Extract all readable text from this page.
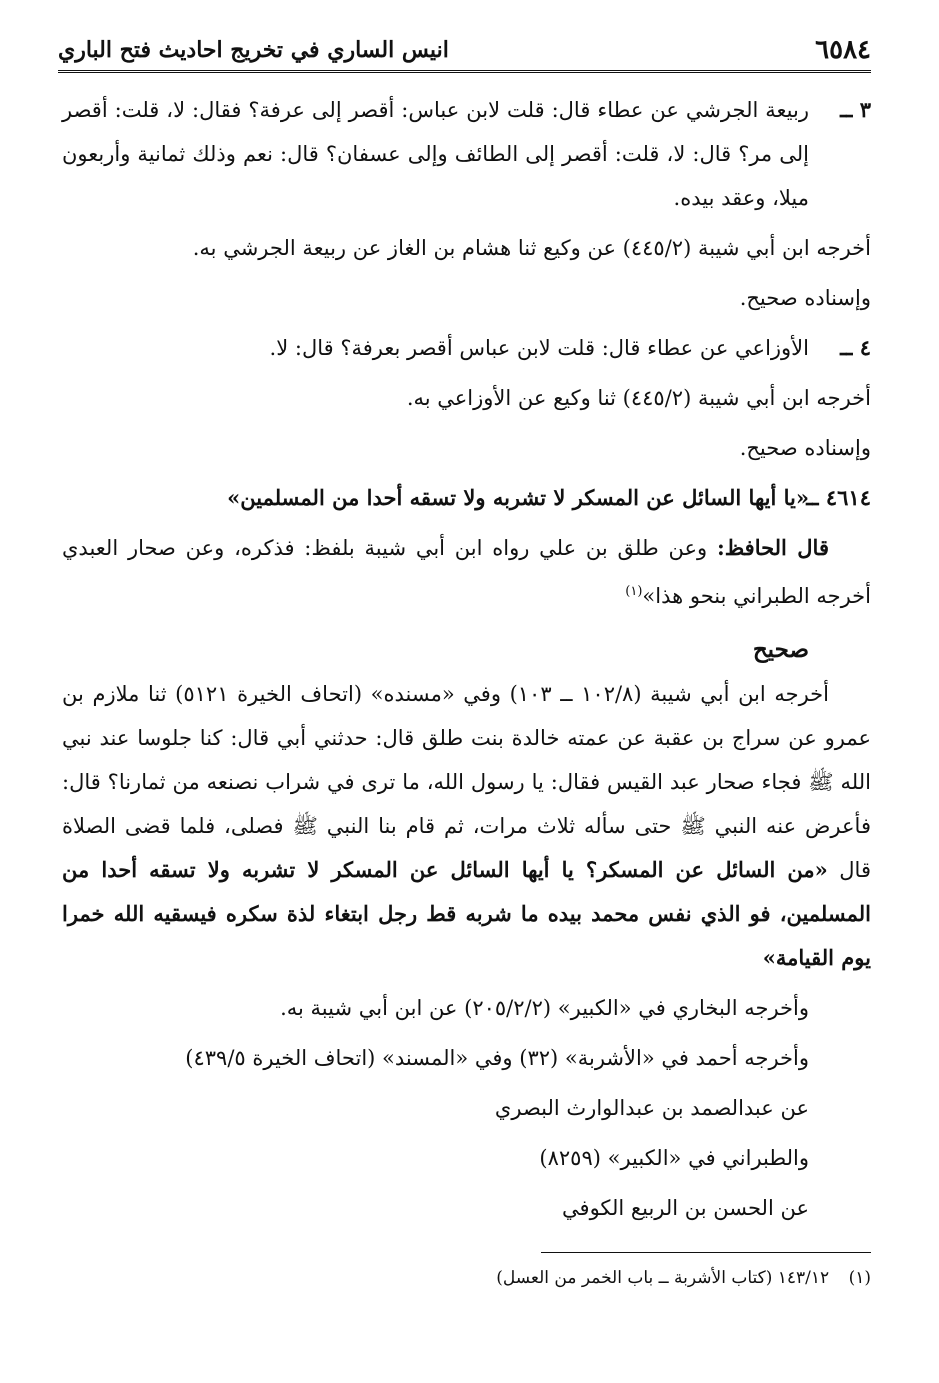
٦٥٨٤
انيس الساري في تخريج احاديث فتح الباري
٣ ــ
ربيعة الجرشي عن عطاء قال: قلت لابن عباس: أقصر إلى عرفة؟ فقال: لا، قلت: أقصر إلى مر؟ قال: لا، قلت: أقصر إلى الطائف وإلى عسفان؟ قال: نعم وذلك ثمانية وأربعون ميلا، وعقد بيده.

أخرجه ابن أبي شيبة (٤٤٥/٢) عن وكيع ثنا هشام بن الغاز عن ربيعة الجرشي به.

وإسناده صحيح.

٤ ــ
الأوزاعي عن عطاء قال: قلت لابن عباس أقصر بعرفة؟ قال: لا.

أخرجه ابن أبي شيبة (٤٤٥/٢) ثنا وكيع عن الأوزاعي به.

وإسناده صحيح.

٤٦١٤ ــ
«يا أيها السائل عن المسكر لا تشربه ولا تسقه أحدا من المسلمين»

قال الحافظ: وعن طلق بن علي رواه ابن أبي شيبة بلفظ: فذكره، وعن صحار العبدي أخرجه الطبراني بنحو هذا»$^{(١)}$

صحيح

أخرجه ابن أبي شيبة (١٠٢/٨ ــ ١٠٣) وفي «مسنده» (اتحاف الخيرة ٥١٢١) ثنا ملازم بن عمرو عن سراج بن عقبة عن عمته خالدة بنت طلق قال: حدثني أبي قال: كنا جلوسا عند نبي الله ﷺ فجاء صحار عبد القيس فقال: يا رسول الله، ما ترى في شراب نصنعه من ثمارنا؟ قال: فأعرض عنه النبي ﷺ حتى سأله ثلاث مرات، ثم قام بنا النبي ﷺ فصلى، فلما قضى الصلاة قال «من السائل عن المسكر؟ يا أيها السائل عن المسكر لا تشربه ولا تسقه أحدا من المسلمين، فو الذي نفس محمد بيده ما شربه قط رجل ابتغاء لذة سكره فيسقيه الله خمرا يوم القيامة»

وأخرجه البخاري في «الكبير» (٢٠٥/٢/٢) عن ابن أبي شيبة به.

وأخرجه أحمد في «الأشربة» (٣٢) وفي «المسند» (اتحاف الخيرة ٤٣٩/٥)

عن عبدالصمد بن عبدالوارث البصري

والطبراني في «الكبير» (٨٢٥٩)

عن الحسن بن الربيع الكوفي

(١) ١٤٣/١٢ (كتاب الأشربة ــ باب الخمر من العسل)
